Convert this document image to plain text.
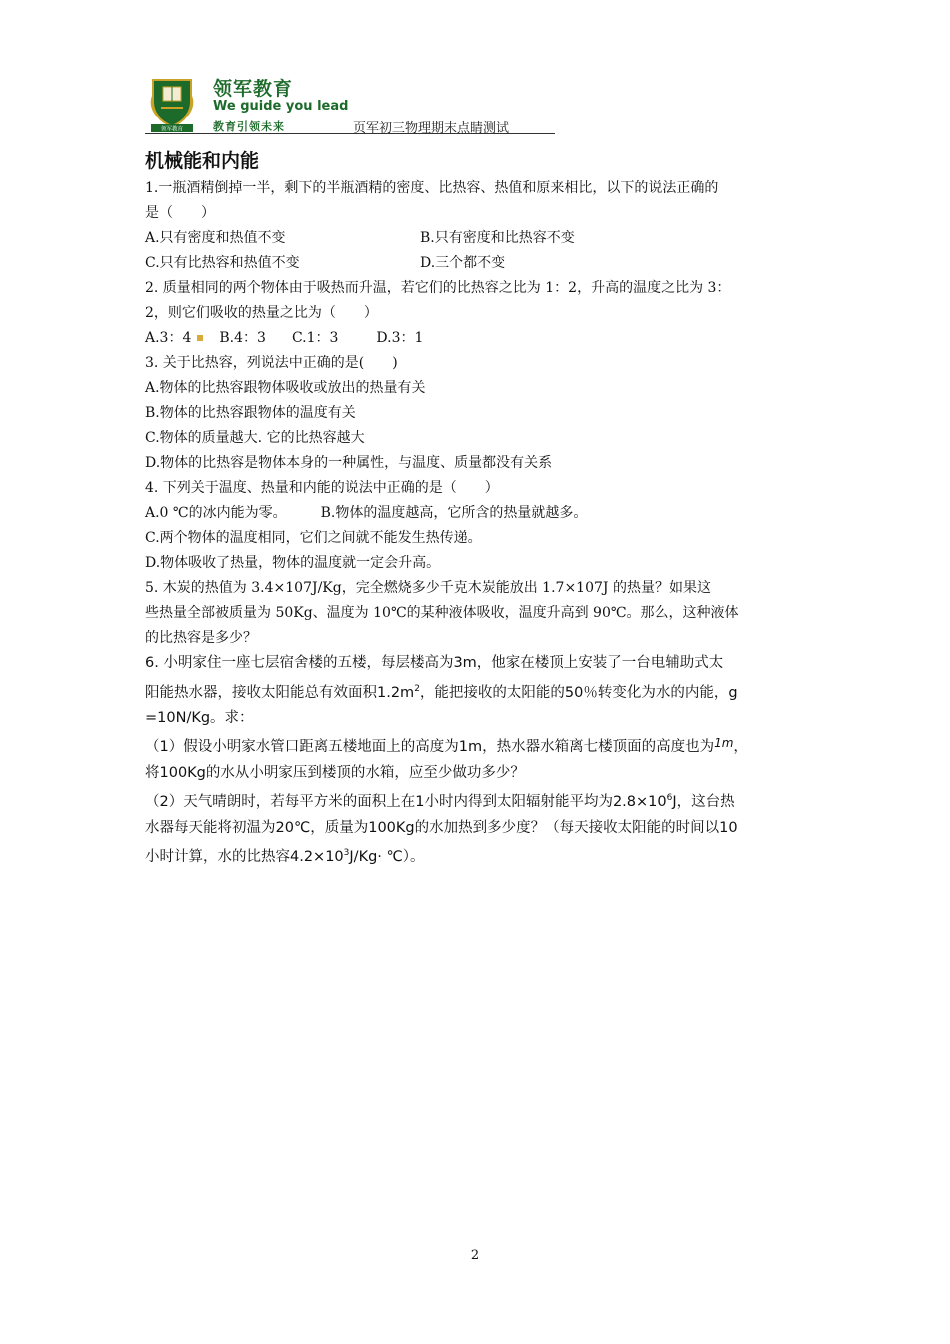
领军教育
领军教育
We guide you lead
教育引领未来	页军初三物理期末点睛测试
机械能和内能
1.一瓶酒精倒掉一半，剩下的半瓶酒精的密度、比热容、热值和原来相比，以下的说法正确的
是（　　）
A.只有密度和热值不变	B.只有密度和比热容不变
C.只有比热容和热值不变	D.三个都不变
2. 质量相同的两个物体由于吸热而升温，若它们的比热容之比为 1：2，升高的温度之比为 3：
2，则它们吸收的热量之比为（　　）
A.3：4 B.4：3 C.1：3	D.3：1
3. 关于比热容，列说法中正确的是(　　)
A.物体的比热容跟物体吸收或放出的热量有关
B.物体的比热容跟物体的温度有关
C.物体的质量越大. 它的比热容越大
D.物体的比热容是物体本身的一种属性，与温度、质量都没有关系
4. 下列关于温度、热量和内能的说法中正确的是（　　）
A.0 ℃的冰内能为零。 B.物体的温度越高，它所含的热量就越多。
C.两个物体的温度相同，它们之间就不能发生热传递。
D.物体吸收了热量，物体的温度就一定会升高。
5. 木炭的热值为 3.4×107J/Kg，完全燃烧多少千克木炭能放出 1.7×107J 的热量？如果这
些热量全部被质量为 50Kg、温度为 10℃的某种液体吸收，温度升高到 90℃。那么，这种液体
的比热容是多少？
6. 小明家住一座七层宿舍楼的五楼，每层楼高为3m，他家在楼顶上安装了一台电辅助式太
阳能热水器，接收太阳能总有效面积$1.2m^2$，能把接收的太阳能的50％转变化为水的内能，g
=10N/Kg。求：
（1）假设小明家水管口距离五楼地面上的高度为1m，热水器水箱离七楼顶面的高度也为$^{1m}$，
将100Kg的水从小明家压到楼顶的水箱，应至少做功多少？
（2）天气晴朗时，若每平方米的面积上在1小时内得到太阳辐射能平均为$2.8\times 10^6J$，这台热
水器每天能将初温为20℃，质量为100Kg的水加热到多少度？（每天接收太阳能的时间以10
小时计算，水的比热容$4.2\times 10^3J/Kg\cdot$ ℃）。
2
